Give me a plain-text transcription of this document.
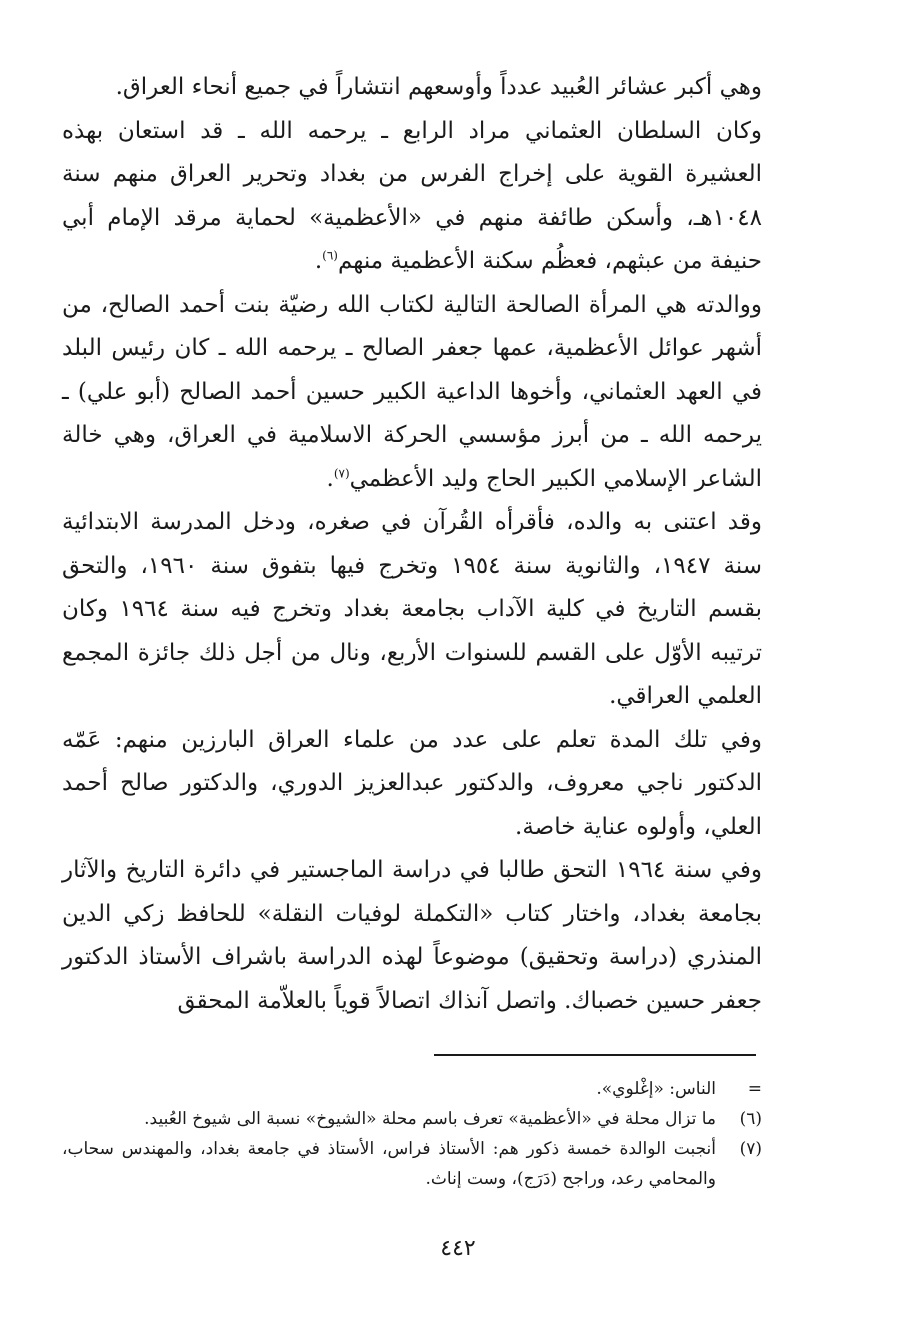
وهي أكبر عشائر العُبيد عدداً وأوسعهم انتشاراً في جميع أنحاء العراق.

وكان السلطان العثماني مراد الرابع ـ يرحمه الله ـ قد استعان بهذه العشيرة القوية على إخراج الفرس من بغداد وتحرير العراق منهم سنة ١٠٤٨هـ، وأسكن طائفة منهم في «الأعظمية» لحماية مرقد الإمام أبي حنيفة من عبثهم، فعظُم سكنة الأعظمية منهم$^{(٦)}$.

ووالدته هي المرأة الصالحة التالية لكتاب الله رضيّة بنت أحمد الصالح، من أشهر عوائل الأعظمية، عمها جعفر الصالح ـ يرحمه الله ـ كان رئيس البلد في العهد العثماني، وأخوها الداعية الكبير حسين أحمد الصالح (أبو علي) ـ يرحمه الله ـ من أبرز مؤسسي الحركة الاسلامية في العراق، وهي خالة الشاعر الإسلامي الكبير الحاج وليد الأعظمي$^{(٧)}$.

وقد اعتنى به والده، فأقرأه القُرآن في صغره، ودخل المدرسة الابتدائية سنة ١٩٤٧، والثانوية سنة ١٩٥٤ وتخرج فيها بتفوق سنة ١٩٦٠، والتحق بقسم التاريخ في كلية الآداب بجامعة بغداد وتخرج فيه سنة ١٩٦٤ وكان ترتيبه الأوّل على القسم للسنوات الأربع، ونال من أجل ذلك جائزة المجمع العلمي العراقي.

وفي تلك المدة تعلم على عدد من علماء العراق البارزين منهم: عَمّه الدكتور ناجي معروف، والدكتور عبدالعزيز الدوري، والدكتور صالح أحمد العلي، وأولوه عناية خاصة.

وفي سنة ١٩٦٤ التحق طالبا في دراسة الماجستير في دائرة التاريخ والآثار بجامعة بغداد، واختار كتاب «التكملة لوفيات النقلة» للحافظ زكي الدين المنذري (دراسة وتحقيق) موضوعاً لهذه الدراسة باشراف الأستاذ الدكتور جعفر حسين خصباك. واتصل آنذاك اتصالاً قوياً بالعلاّمة المحقق

=
الناس: «إغْلوي».
(٦)
ما تزال محلة في «الأعظمية» تعرف باسم محلة «الشيوخ» نسبة الى شيوخ العُبيد.
(٧)
أنجبت الوالدة خمسة ذكور هم: الأستاذ فراس، الأستاذ في جامعة بغداد، والمهندس سحاب، والمحامي رعد، وراجح (دَرَج)، وست إناث.
٤٤٢
